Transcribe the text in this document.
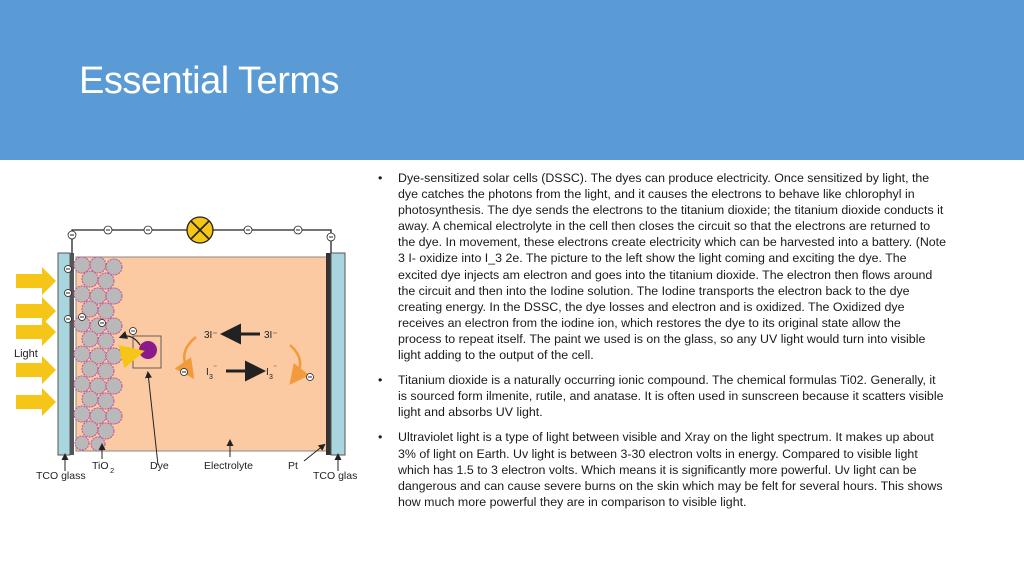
Essential Terms
Light
3I⁻	3I⁻
I 3
⁻	I 3
⁻
TCO glass
TiO 2	Dye	Electrolyte	Pt
TCO glas
• Dye-sensitized solar cells (DSSC). The dyes can produce electricity. Once sensitized by light, the dye catches the photons from the light, and it causes the electrons to behave like chlorophyl in photosynthesis. The dye sends the electrons to the titanium dioxide; the titanium dioxide conducts it away. A chemical electrolyte in the cell then closes the circuit so that the electrons are returned to the dye. In movement, these electrons create electricity which can be harvested into a battery. (Note 3 I- oxidize into I_3 2e. The picture to the left show the light coming and exciting the dye. The excited dye injects am electron and goes into the titanium dioxide. The electron then flows around the circuit and then into the Iodine solution. The Iodine transports the electron back to the dye creating energy. In the DSSC, the dye losses and electron and is oxidized. The Oxidized dye receives an electron from the iodine ion, which restores the dye to its original state allow the process to repeat itself. The paint we used is on the glass, so any UV light would turn into visible light adding to the output of the cell.
• Titanium dioxide is a naturally occurring ionic compound. The chemical formulas Ti02. Generally, it is sourced form ilmenite, rutile, and anatase. It is often used in sunscreen because it scatters visible light and absorbs UV light.
• Ultraviolet light is a type of light between visible and Xray on the light spectrum. It makes up about 3% of light on Earth. Uv light is between 3-30 electron volts in energy. Compared to visible light which has 1.5 to 3 electron volts. Which means it is significantly more powerful. Uv light can be dangerous and can cause severe burns on the skin which may be felt for several hours. This shows how much more powerful they are in comparison to visible light.
